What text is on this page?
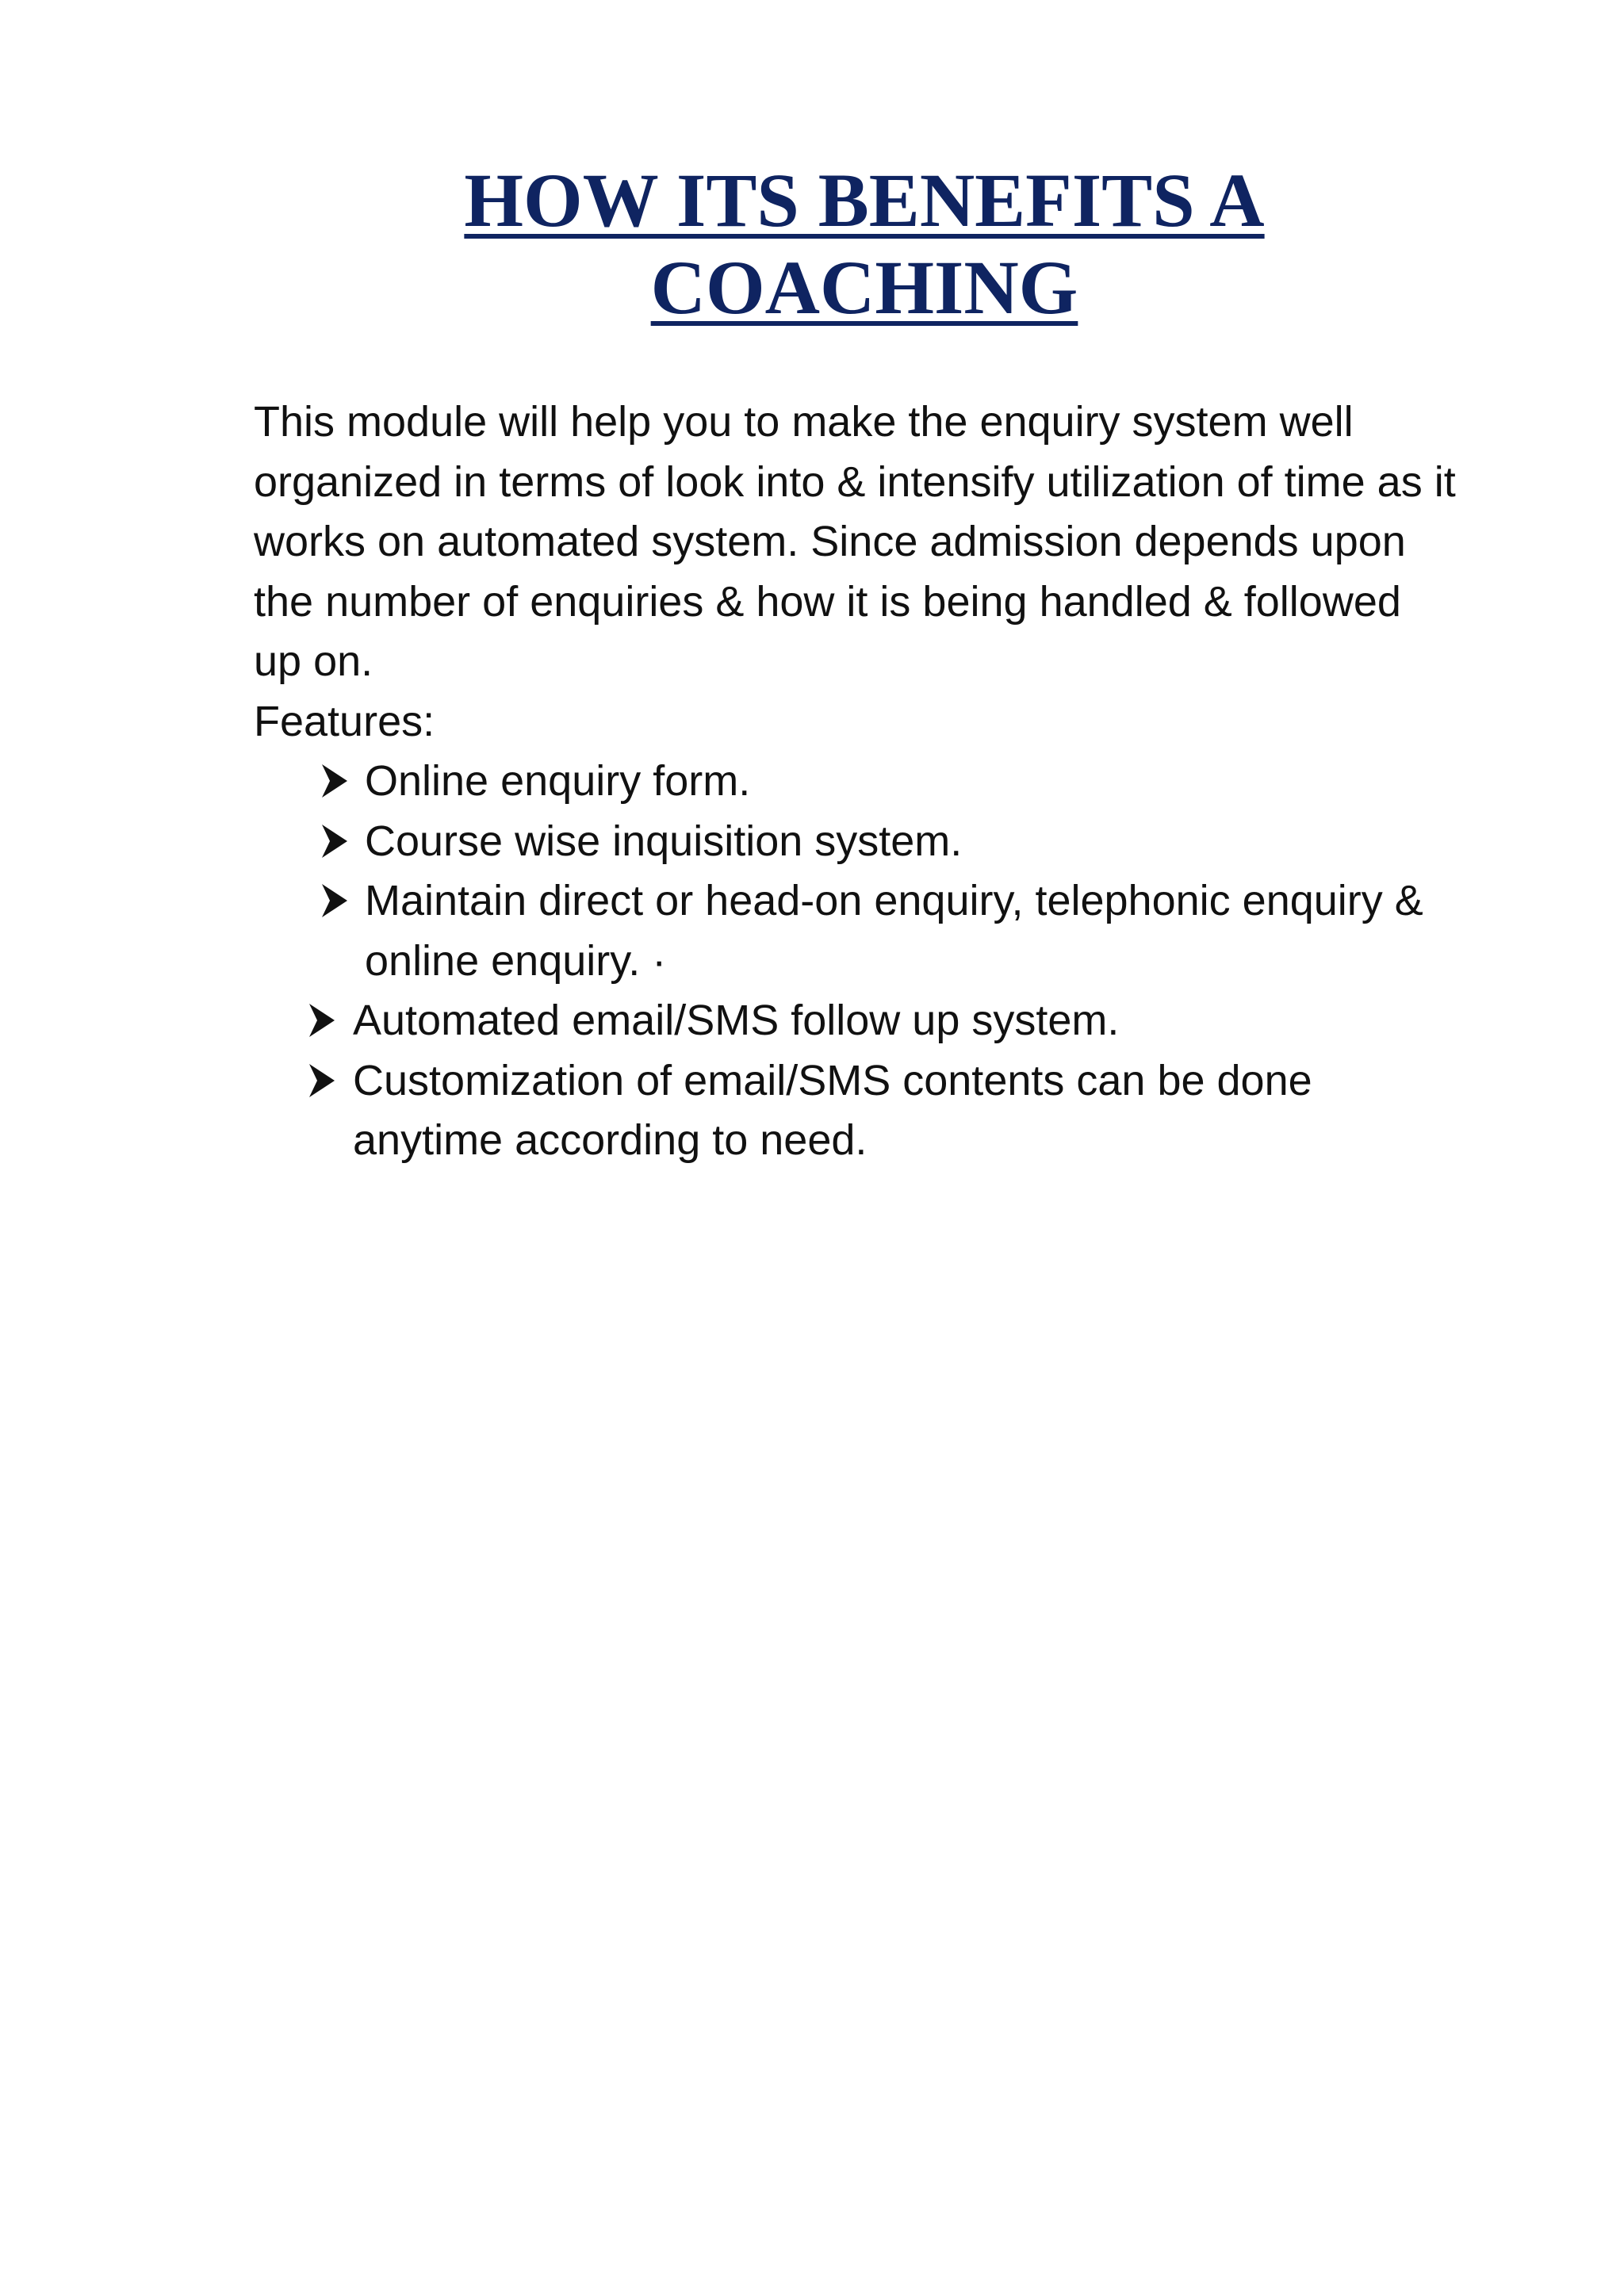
HOW ITS BENEFITS A
COACHING

This module will help you to make the enquiry system well organized in terms of look into & intensify utilization of time as it works on automated system. Since admission depends upon the number of enquiries & how it is being handled & followed up on.

Features:

Online enquiry form.
Course wise inquisition system.
Maintain direct or head-on enquiry, telephonic enquiry & online enquiry. ·
Automated email/SMS follow up system.
Customization of email/SMS contents can be done anytime according to need.
